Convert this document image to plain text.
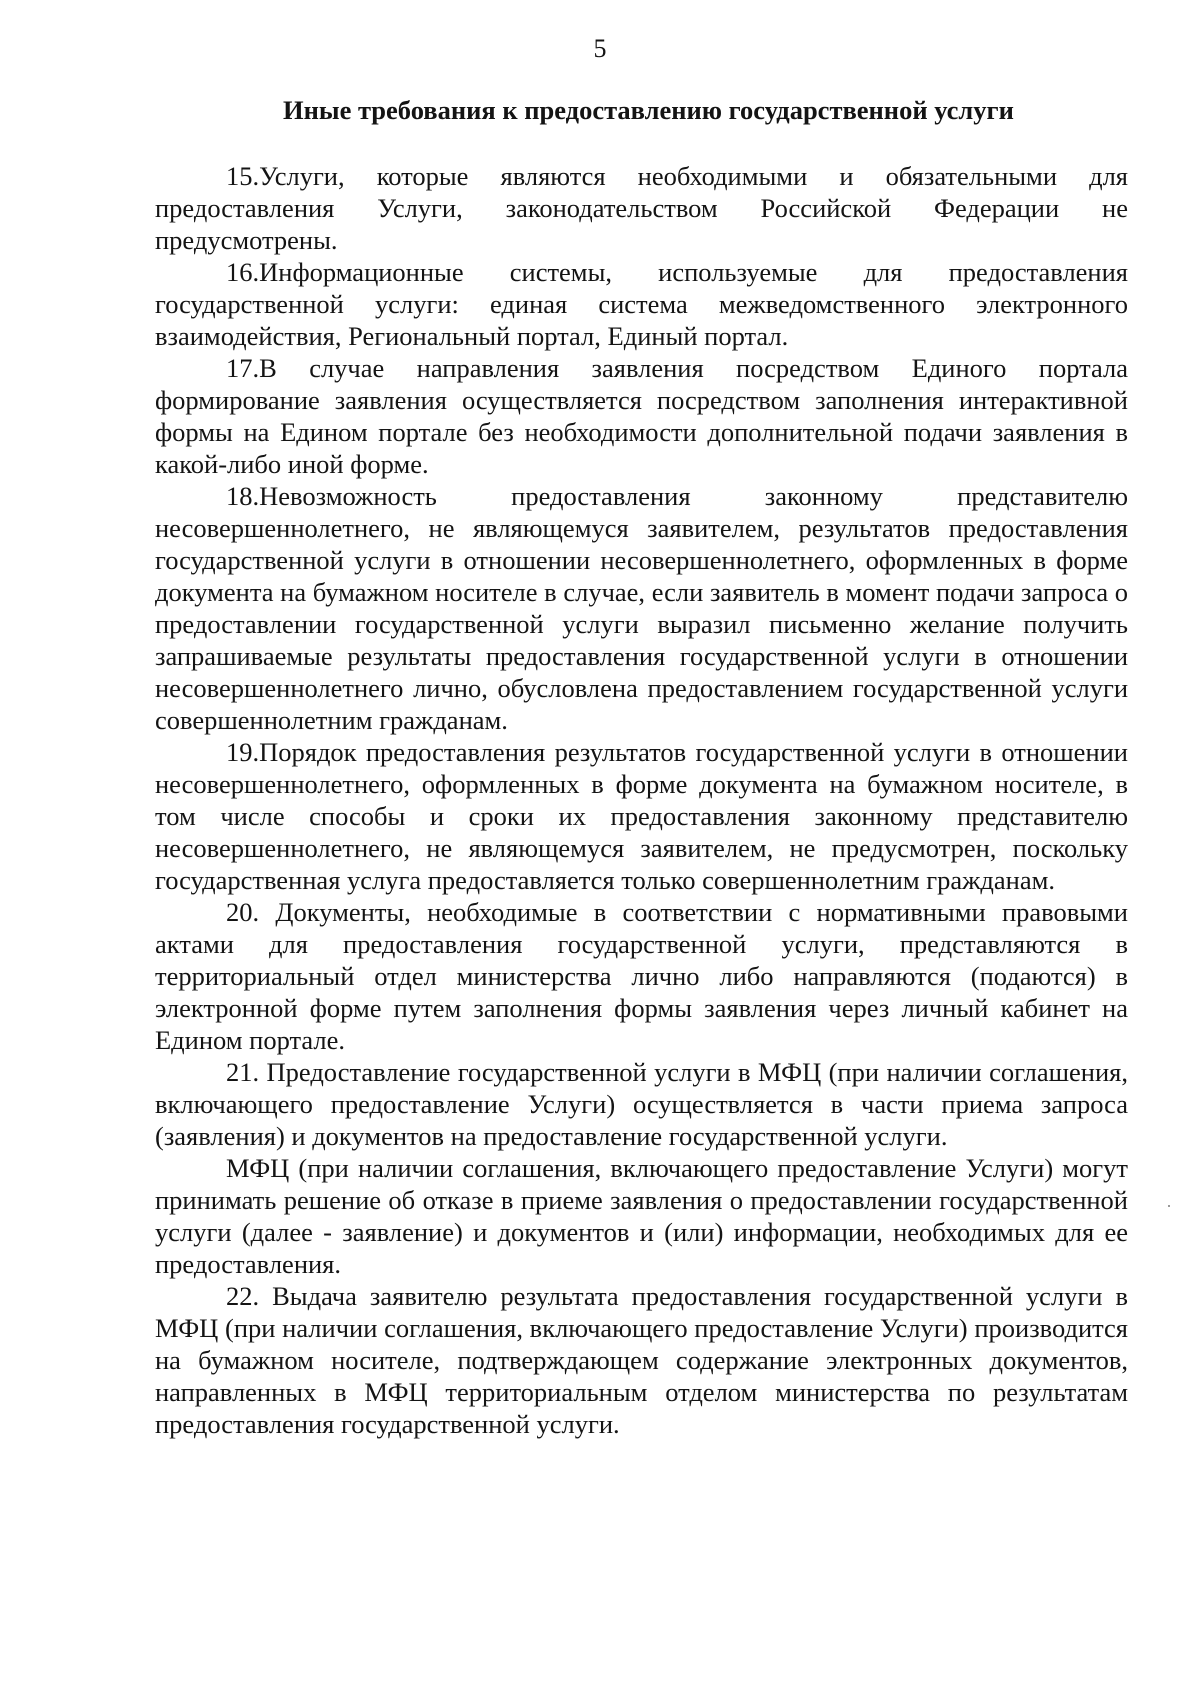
5
Иные требования к предоставлению государственной услуги

15.Услуги, которые являются необходимыми и обязательными для предоставления Услуги, законодательством Российской Федерации не предусмотрены.

16.Информационные системы, используемые для предоставления государственной услуги: единая система межведомственного электронного взаимодействия, Региональный портал, Единый портал.

17.В случае направления заявления посредством Единого портала формирование заявления осуществляется посредством заполнения интерактивной формы на Едином портале без необходимости дополнительной подачи заявления в какой-либо иной форме.

18.Невозможность предоставления законному представителю несовершеннолетнего, не являющемуся заявителем, результатов предоставления государственной услуги в отношении несовершеннолетнего, оформленных в форме документа на бумажном носителе в случае, если заявитель в момент подачи запроса о предоставлении государственной услуги выразил письменно желание получить запрашиваемые результаты предоставления государственной услуги в отношении несовершеннолетнего лично, обусловлена предоставлением государственной услуги совершеннолетним гражданам.

19.Порядок предоставления результатов государственной услуги в отношении несовершеннолетнего, оформленных в форме документа на бумажном носителе, в том числе способы и сроки их предоставления законному представителю несовершеннолетнего, не являющемуся заявителем, не предусмотрен, поскольку государственная услуга предоставляется только совершеннолетним гражданам.

20. Документы, необходимые в соответствии с нормативными правовыми актами для предоставления государственной услуги, представляются в территориальный отдел министерства лично либо направляются (подаются) в электронной форме путем заполнения формы заявления через личный кабинет на Едином портале.

21. Предоставление государственной услуги в МФЦ (при наличии соглашения, включающего предоставление Услуги) осуществляется в части приема запроса (заявления) и документов на предоставление государственной услуги.

МФЦ (при наличии соглашения, включающего предоставление Услуги) могут принимать решение об отказе в приеме заявления о предоставлении государственной услуги (далее - заявление) и документов и (или) информации, необходимых для ее предоставления.

22. Выдача заявителю результата предоставления государственной услуги в МФЦ (при наличии соглашения, включающего предоставление Услуги) производится на бумажном носителе, подтверждающем содержание электронных документов, направленных в МФЦ территориальным отделом министерства по результатам предоставления государственной услуги.
